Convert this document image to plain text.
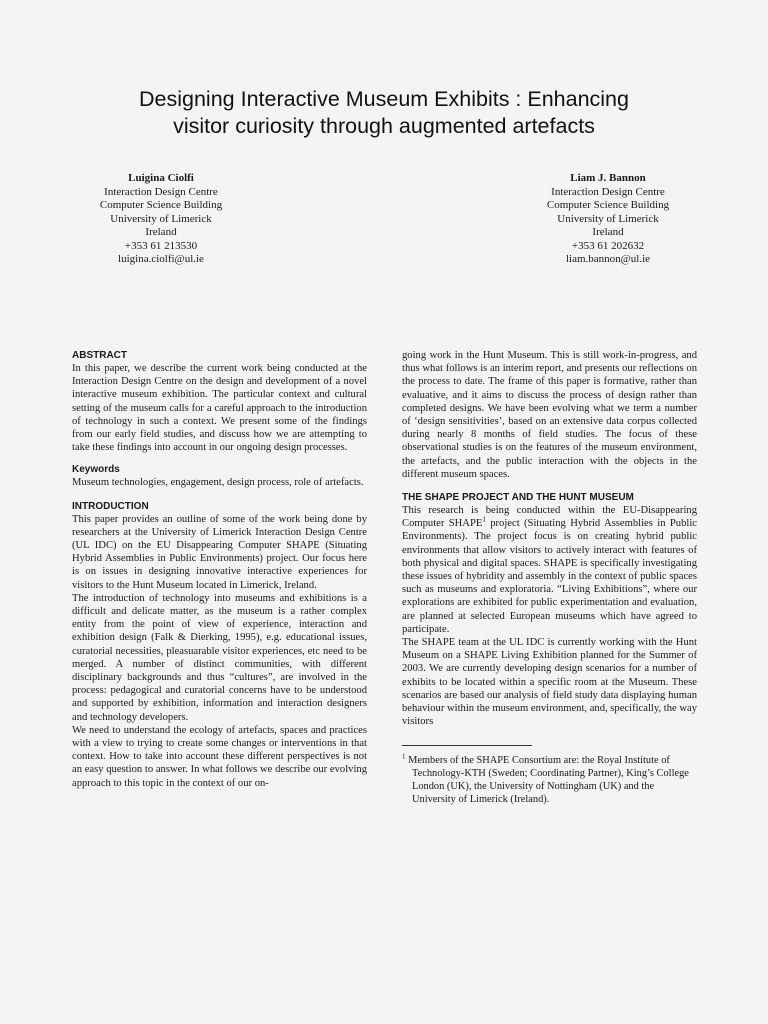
Designing Interactive Museum Exhibits : Enhancing
visitor curiosity through augmented artefacts
Luigina Ciolfi
Interaction Design Centre
Computer Science Building
University of Limerick
Ireland
+353 61 213530
luigina.ciolfi@ul.ie
Liam J. Bannon
Interaction Design Centre
Computer Science Building
University of Limerick
Ireland
+353 61 202632
liam.bannon@ul.ie

ABSTRACT

In this paper, we describe the current work being conducted at the Interaction Design Centre on the design and development of a novel interactive museum exhibition. The particular context and cultural setting of the museum calls for a careful approach to the introduction of technology in such a context. We present some of the findings from our early field studies, and discuss how we are attempting to take these findings into account in our ongoing design processes.

Keywords

Museum technologies, engagement, design process, role of artefacts.

INTRODUCTION

This paper provides an outline of some of the work being done by researchers at the University of Limerick Interaction Design Centre (UL IDC) on the EU Disappearing Computer SHAPE (Situating Hybrid Assemblies in Public Environments) project. Our focus here is on issues in designing innovative interactive experiences for visitors to the Hunt Museum located in Limerick, Ireland.

The introduction of technology into museums and exhibitions is a difficult and delicate matter, as the museum is a rather complex entity from the point of view of experience, interaction and exhibition design (Falk & Dierking, 1995), e.g. educational issues, curatorial necessities, pleasuarable visitor experiences, etc need to be merged. A number of distinct communities, with different disciplinary backgrounds and thus “cultures”, are involved in the process: pedagogical and curatorial concerns have to be understood and supported by exhibition, information and interaction designers and technology developers.

We need to understand the ecology of artefacts, spaces and practices with a view to trying to create some changes or interventions in that context. How to take into account these different perspectives is not an easy question to answer. In what follows we describe our evolving approach to this topic in the context of our on-

going work in the Hunt Museum. This is still work-in-progress, and thus what follows is an interim report, and presents our reflections on the process to date. The frame of this paper is formative, rather than evaluative, and it aims to discuss the process of design rather than completed designs. We have been evolving what we term a number of ‘design sensitivities’, based on an extensive data corpus collected during nearly 8 months of field studies. The focus of these observational studies is on the features of the museum environment, the artefacts, and the public interaction with the objects in the different museum spaces.

THE SHAPE PROJECT AND THE HUNT MUSEUM

This research is being conducted within the EU-Disappearing Computer SHAPE$^1$ project (Situating Hybrid Assemblies in Public Environments). The project focus is on creating hybrid public environments that allow visitors to actively interact with features of both physical and digital spaces. SHAPE is specifically investigating these issues of hybridity and assembly in the context of public spaces such as museums and exploratoria. “Living Exhibitions”, where our explorations are exhibited for public experimentation and evaluation, are planned at selected European museums which have agreed to participate.

The SHAPE team at the UL IDC is currently working with the Hunt Museum on a SHAPE Living Exhibition planned for the Summer of 2003. We are currently developing design scenarios for a number of exhibits to be located within a specific room at the Museum. These scenarios are based our analysis of field study data displaying human behaviour within the museum environment, and, specifically, the way visitors

$^1$ Members of the SHAPE Consortium are: the Royal Institute of Technology-KTH (Sweden; Coordinating Partner), King’s College London (UK), the University of Nottingham (UK) and the University of Limerick (Ireland).
